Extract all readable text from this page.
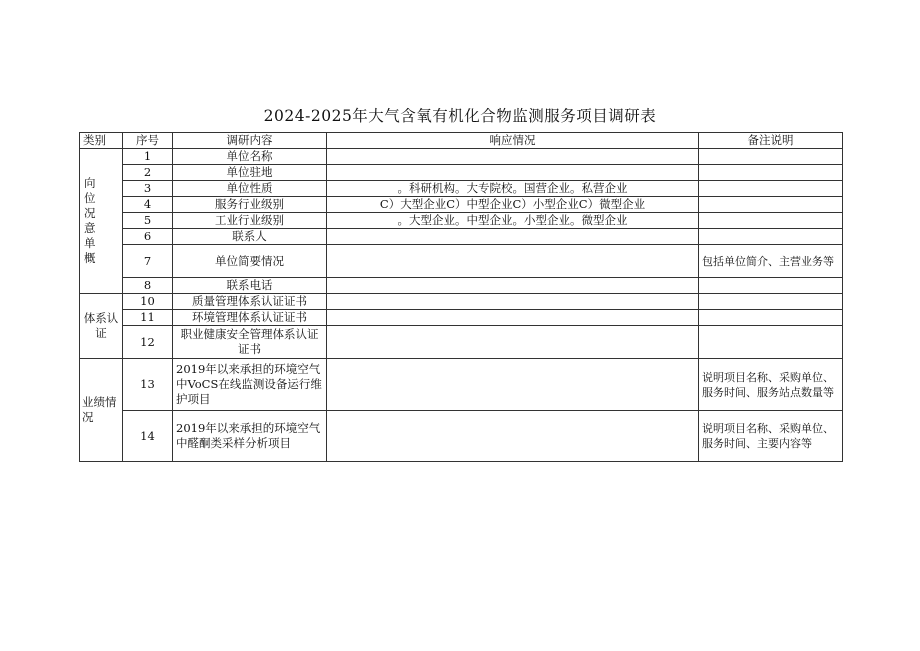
2024-2025年大气含氧有机化合物监测服务项目调研表
类别	序号	调研内容	响应情况	备注说明

向位况意单概	1	单位名称		
	2	单位驻地		
	3	单位性质	。科研机构。大专院校。国营企业。私营企业	
	4	服务行业级别	C）大型企业C）中型企业C）小型企业C）微型企业	
	5	工业行业级别	。大型企业。中型企业。小型企业。微型企业	
	6	联系人		
	7	单位简要情况		包括单位简介、主营业务等
	8	联系电话		
体系认证	10	质量管理体系认证证书		
	11	环境管理体系认证证书		
	12	职业健康安全管理体系认证证书		
业绩情况	13	2019年以来承担的环境空气中VoCS在线监测设备运行维护项目		说明项目名称、采购单位、服务时间、服务站点数量等
	14	2019年以来承担的环境空气中醛酮类采样分析项目		说明项目名称、采购单位、服务时间、主要内容等
